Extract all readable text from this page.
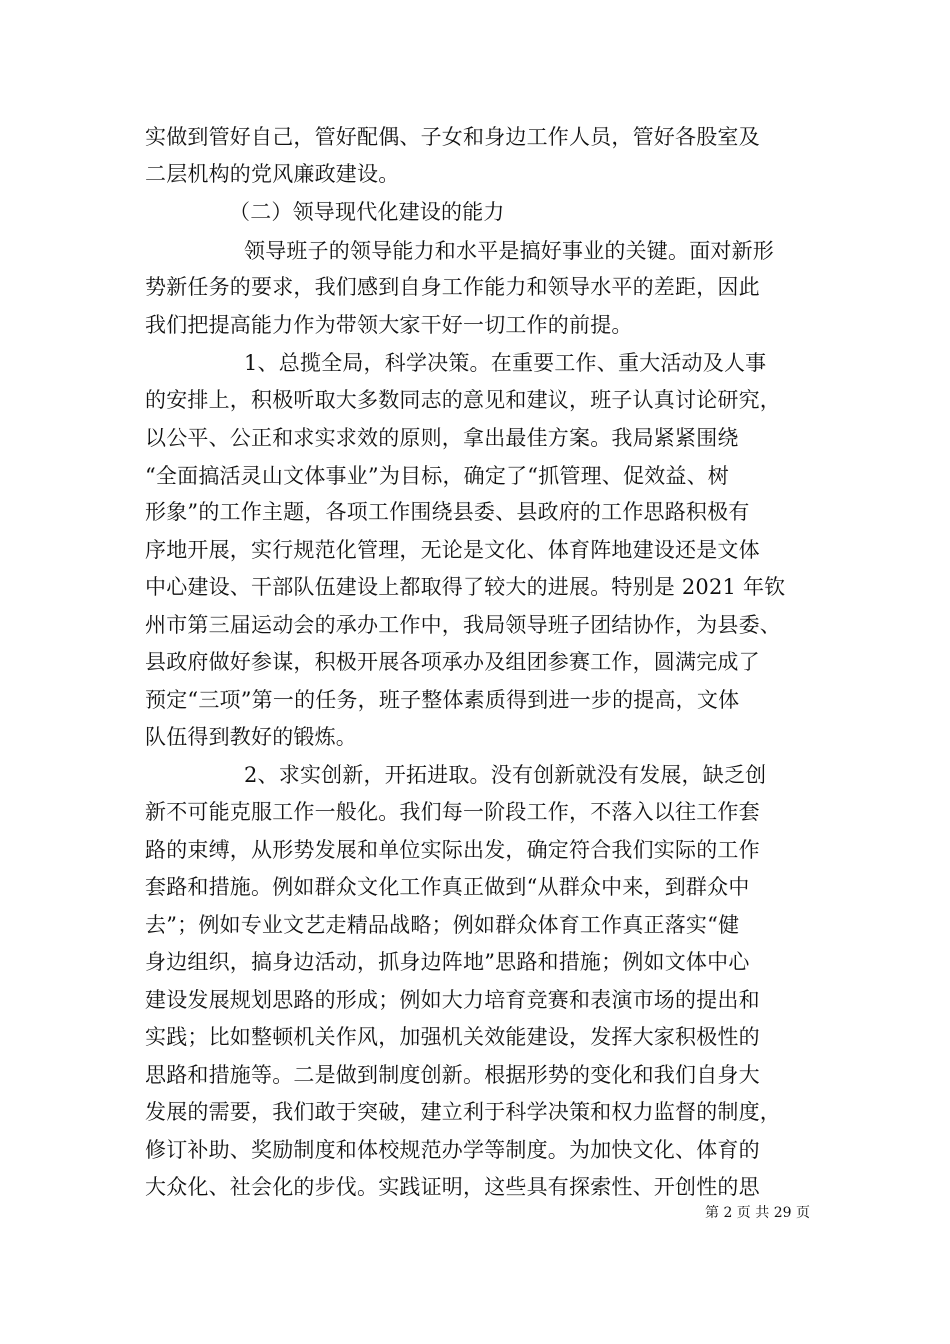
实做到管好自己，管好配偶、子女和身边工作人员，管好各股室及
二层机构的党风廉政建设。
（二）领导现代化建设的能力
领导班子的领导能力和水平是搞好事业的关键。面对新形
势新任务的要求，我们感到自身工作能力和领导水平的差距，因此
我们把提高能力作为带领大家干好一切工作的前提。
1、总揽全局，科学决策。在重要工作、重大活动及人事
的安排上，积极听取大多数同志的意见和建议，班子认真讨论研究，
以公平、公正和求实求效的原则，拿出最佳方案。我局紧紧围绕
“全面搞活灵山文体事业”为目标，确定了“抓管理、促效益、树
形象”的工作主题，各项工作围绕县委、县政府的工作思路积极有
序地开展，实行规范化管理，无论是文化、体育阵地建设还是文体
中心建设、干部队伍建设上都取得了较大的进展。特别是 2021 年钦
州市第三届运动会的承办工作中，我局领导班子团结协作，为县委、
县政府做好参谋，积极开展各项承办及组团参赛工作，圆满完成了
预定“三项”第一的任务，班子整体素质得到进一步的提高，文体
队伍得到教好的锻炼。
2、求实创新，开拓进取。没有创新就没有发展，缺乏创
新不可能克服工作一般化。我们每一阶段工作，不落入以往工作套
路的束缚，从形势发展和单位实际出发，确定符合我们实际的工作
套路和措施。例如群众文化工作真正做到“从群众中来，到群众中
去”；例如专业文艺走精品战略；例如群众体育工作真正落实“健
身边组织，搞身边活动，抓身边阵地”思路和措施；例如文体中心
建设发展规划思路的形成；例如大力培育竞赛和表演市场的提出和
实践；比如整顿机关作风，加强机关效能建设，发挥大家积极性的
思路和措施等。二是做到制度创新。根据形势的变化和我们自身大
发展的需要，我们敢于突破，建立利于科学决策和权力监督的制度，
修订补助、奖励制度和体校规范办学等制度。为加快文化、体育的
大众化、社会化的步伐。实践证明，这些具有探索性、开创性的思
第 2 页 共 29 页
